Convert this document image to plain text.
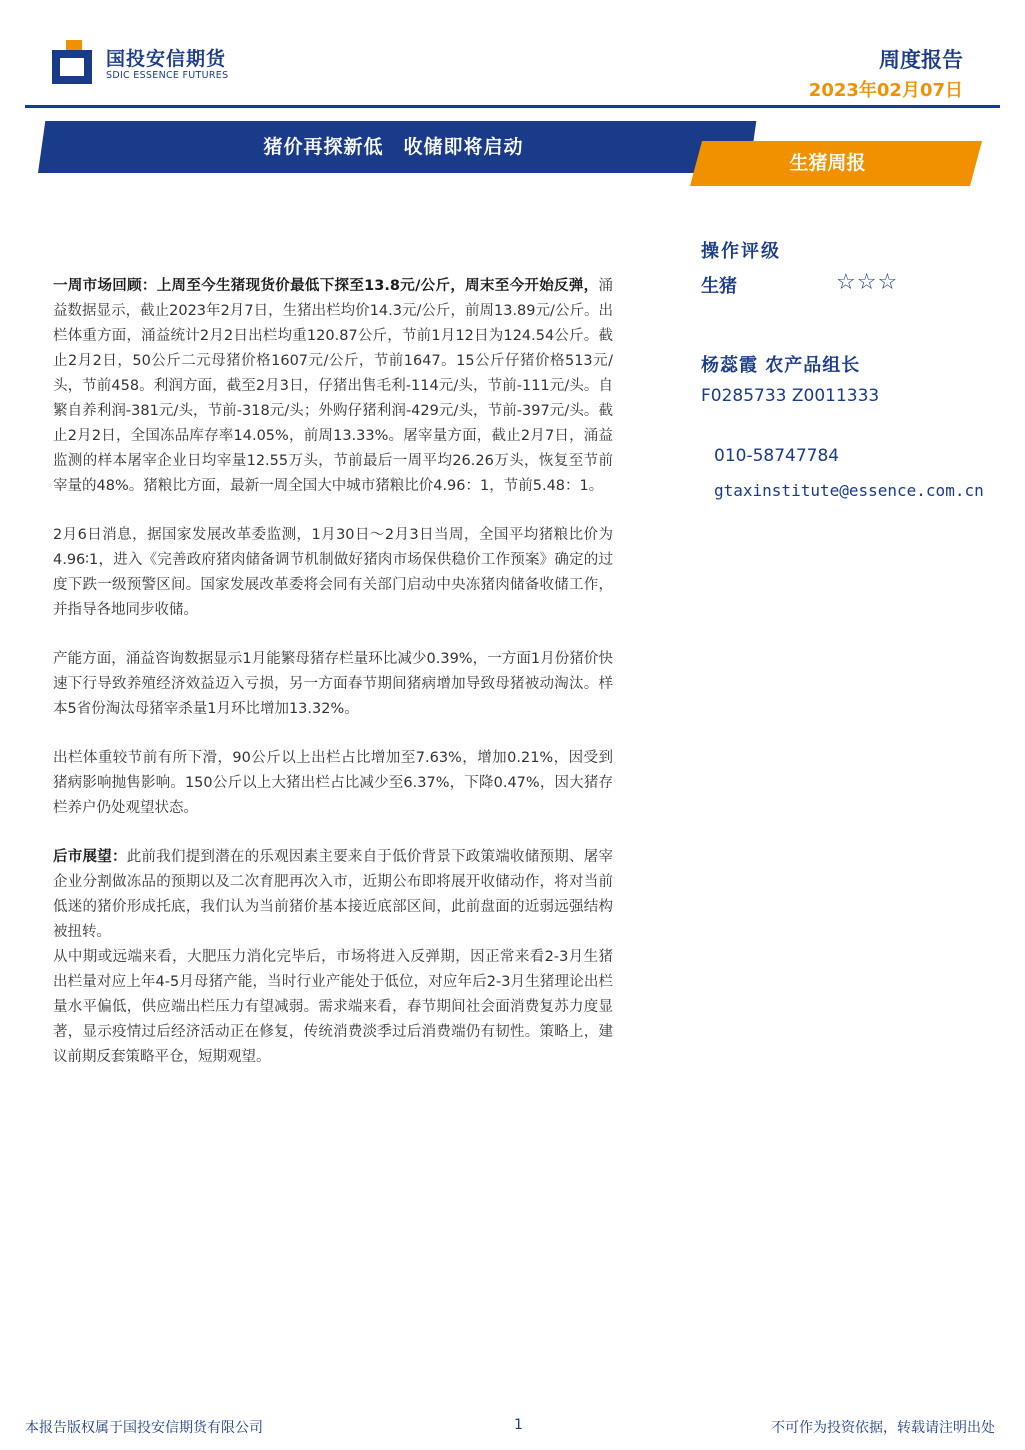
国投安信期货
SDIC ESSENCE FUTURES
周度报告
2023年02月07日
猪价再探新低　收储即将启动
生猪周报
操作评级
生猪	☆☆☆
杨蕊霞 农产品组长
F0285733 Z0011333
010-58747784
gtaxinstitute@essence.com.cn

一周市场回顾：上周至今生猪现货价最低下探至13.8元/公斤，周末至今开始反弹，涌益数据显示，截止2023年2月7日，生猪出栏均价14.3元/公斤，前周13.89元/公斤。出栏体重方面，涌益统计2月2日出栏均重120.87公斤，节前1月12日为124.54公斤。截止2月2日，50公斤二元母猪价格1607元/公斤，节前1647。15公斤仔猪价格513元/头，节前458。利润方面，截至2月3日，仔猪出售毛利-114元/头，节前-111元/头。自繁自养利润-381元/头，节前-318元/头；外购仔猪利润-429元/头，节前-397元/头。截止2月2日，全国冻品库存率14.05%，前周13.33%。屠宰量方面，截止2月7日，涌益监测的样本屠宰企业日均宰量12.55万头，节前最后一周平均26.26万头，恢复至节前宰量的48%。猪粮比方面，最新一周全国大中城市猪粮比价4.96：1，节前5.48：1。

2月6日消息，据国家发展改革委监测，1月30日～2月3日当周，全国平均猪粮比价为4.96∶1，进入《完善政府猪肉储备调节机制做好猪肉市场保供稳价工作预案》确定的过度下跌一级预警区间。国家发展改革委将会同有关部门启动中央冻猪肉储备收储工作，并指导各地同步收储。

产能方面，涌益咨询数据显示1月能繁母猪存栏量环比减少0.39%，一方面1月份猪价快速下行导致养殖经济效益迈入亏损，另一方面春节期间猪病增加导致母猪被动淘汰。样本5省份淘汰母猪宰杀量1月环比增加13.32%。

出栏体重较节前有所下滑，90公斤以上出栏占比增加至7.63%，增加0.21%，因受到猪病影响抛售影响。150公斤以上大猪出栏占比减少至6.37%，下降0.47%，因大猪存栏养户仍处观望状态。

后市展望：此前我们提到潜在的乐观因素主要来自于低价背景下政策端收储预期、屠宰企业分割做冻品的预期以及二次育肥再次入市，近期公布即将展开收储动作，将对当前低迷的猪价形成托底，我们认为当前猪价基本接近底部区间，此前盘面的近弱远强结构被扭转。

从中期或远端来看，大肥压力消化完毕后，市场将进入反弹期，因正常来看2-3月生猪出栏量对应上年4-5月母猪产能，当时行业产能处于低位，对应年后2-3月生猪理论出栏量水平偏低，供应端出栏压力有望减弱。需求端来看，春节期间社会面消费复苏力度显著，显示疫情过后经济活动正在修复，传统消费淡季过后消费端仍有韧性。策略上，建议前期反套策略平仓，短期观望。

本报告版权属于国投安信期货有限公司	1	不可作为投资依据，转载请注明出处
